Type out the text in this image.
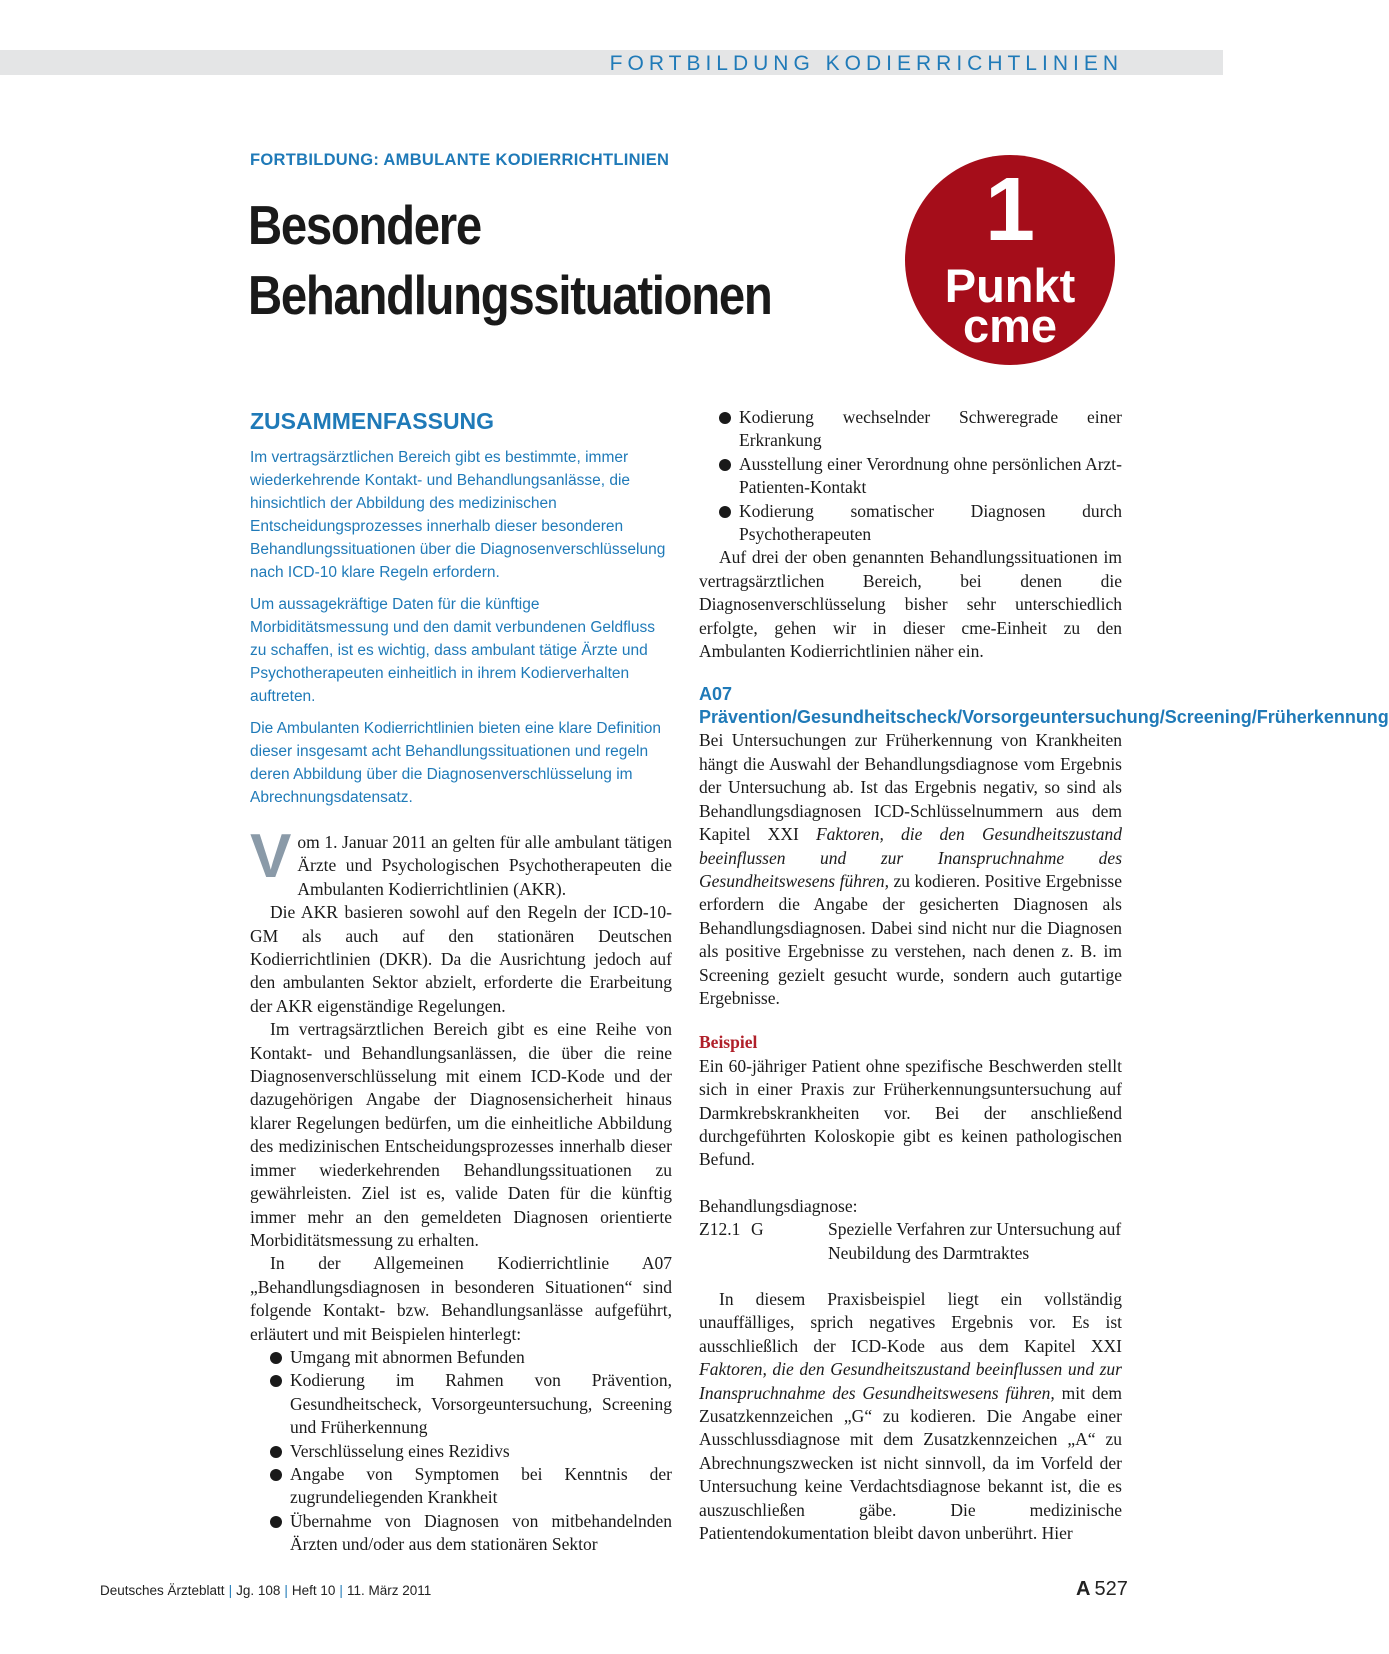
FORTBILDUNG KODIERRICHTLINIEN
FORTBILDUNG: AMBULANTE KODIERRICHTLINIEN
Besondere
Behandlungssituationen
1
Punkt
cme
ZUSAMMENFASSUNG

Im vertragsärztlichen Bereich gibt es bestimmte, immer wiederkehrende Kontakt- und Behandlungsanlässe, die hinsichtlich der Abbildung des medizinischen Entscheidungsprozesses innerhalb dieser besonderen Behandlungssituationen über die Diagnosenverschlüsselung nach ICD-10 klare Regeln erfordern.

Um aussagekräftige Daten für die künftige Morbiditätsmessung und den damit verbundenen Geldfluss zu schaffen, ist es wichtig, dass ambulant tätige Ärzte und Psychotherapeuten einheitlich in ihrem Kodierverhalten auftreten.

Die Ambulanten Kodierrichtlinien bieten eine klare Definition dieser insgesamt acht Behandlungssituationen und regeln deren Abbildung über die Diagnosenverschlüsselung im Abrechnungsdatensatz.

Vom 1. Januar 2011 an gelten für alle ambulant tätigen Ärzte und Psychologischen Psychotherapeuten die Ambulanten Kodierrichtlinien (AKR).

Die AKR basieren sowohl auf den Regeln der ICD-10-GM als auch auf den stationären Deutschen Kodierrichtlinien (DKR). Da die Ausrichtung jedoch auf den ambulanten Sektor abzielt, erforderte die Erarbeitung der AKR eigenständige Regelungen.

Im vertragsärztlichen Bereich gibt es eine Reihe von Kontakt- und Behandlungsanlässen, die über die reine Diagnosenverschlüsselung mit einem ICD-Kode und der dazugehörigen Angabe der Diagnosensicherheit hinaus klarer Regelungen bedürfen, um die einheitliche Abbildung des medizinischen Entscheidungsprozesses innerhalb dieser immer wiederkehrenden Behandlungssituationen zu gewährleisten. Ziel ist es, valide Daten für die künftig immer mehr an den gemeldeten Diagnosen orientierte Morbiditätsmessung zu erhalten.

In der Allgemeinen Kodierrichtlinie A07 „Behandlungsdiagnosen in besonderen Situationen“ sind folgende Kontakt- bzw. Behandlungsanlässe aufgeführt, erläutert und mit Beispielen hinterlegt:

Umgang mit abnormen Befunden
Kodierung im Rahmen von Prävention, Gesundheitscheck, Vorsorgeuntersuchung, Screening und Früherkennung
Verschlüsselung eines Rezidivs
Angabe von Symptomen bei Kenntnis der zugrundeliegenden Krankheit
Übernahme von Diagnosen von mitbehandelnden Ärzten und/oder aus dem stationären Sektor
Kodierung wechselnder Schweregrade einer Erkrankung
Ausstellung einer Verordnung ohne persönlichen Arzt-Patienten-Kontakt
Kodierung somatischer Diagnosen durch Psychotherapeuten

Auf drei der oben genannten Behandlungssituationen im vertragsärztlichen Bereich, bei denen die Diagnosenverschlüsselung bisher sehr unterschiedlich erfolgte, gehen wir in dieser cme-Einheit zu den Ambulanten Kodierrichtlinien näher ein.

A07 Prävention/Gesundheitscheck/Vorsorgeuntersuchung/Screening/Früherkennung

Bei Untersuchungen zur Früherkennung von Krankheiten hängt die Auswahl der Behandlungsdiagnose vom Ergebnis der Untersuchung ab. Ist das Ergebnis negativ, so sind als Behandlungsdiagnosen ICD-Schlüsselnummern aus dem Kapitel XXI Faktoren, die den Gesundheitszustand beeinflussen und zur Inanspruchnahme des Gesundheitswesens führen, zu kodieren. Positive Ergebnisse erfordern die Angabe der gesicherten Diagnosen als Behandlungsdiagnosen. Dabei sind nicht nur die Diagnosen als positive Ergebnisse zu verstehen, nach denen z. B. im Screening gezielt gesucht wurde, sondern auch gutartige Ergebnisse.

Beispiel

Ein 60-jähriger Patient ohne spezifische Beschwerden stellt sich in einer Praxis zur Früherkennungsuntersuchung auf Darmkrebskrankheiten vor. Bei der anschließend durchgeführten Koloskopie gibt es keinen pathologischen Befund.

Behandlungsdiagnose:

Z12.1 G	Spezielle Verfahren zur Untersuchung auf Neubildung des Darmtraktes

In diesem Praxisbeispiel liegt ein vollständig unauffälliges, sprich negatives Ergebnis vor. Es ist ausschließlich der ICD-Kode aus dem Kapitel XXI Faktoren, die den Gesundheitszustand beeinflussen und zur Inanspruchnahme des Gesundheitswesens führen, mit dem Zusatzkennzeichen „G“ zu kodieren. Die Angabe einer Ausschlussdiagnose mit dem Zusatzkennzeichen „A“ zu Abrechnungszwecken ist nicht sinnvoll, da im Vorfeld der Untersuchung keine Verdachtsdiagnose bekannt ist, die es auszuschließen gäbe. Die medizinische Patientendokumentation bleibt davon unberührt. Hier

Deutsches Ärzteblatt | Jg. 108 | Heft 10 | 11. März 2011	A 527
